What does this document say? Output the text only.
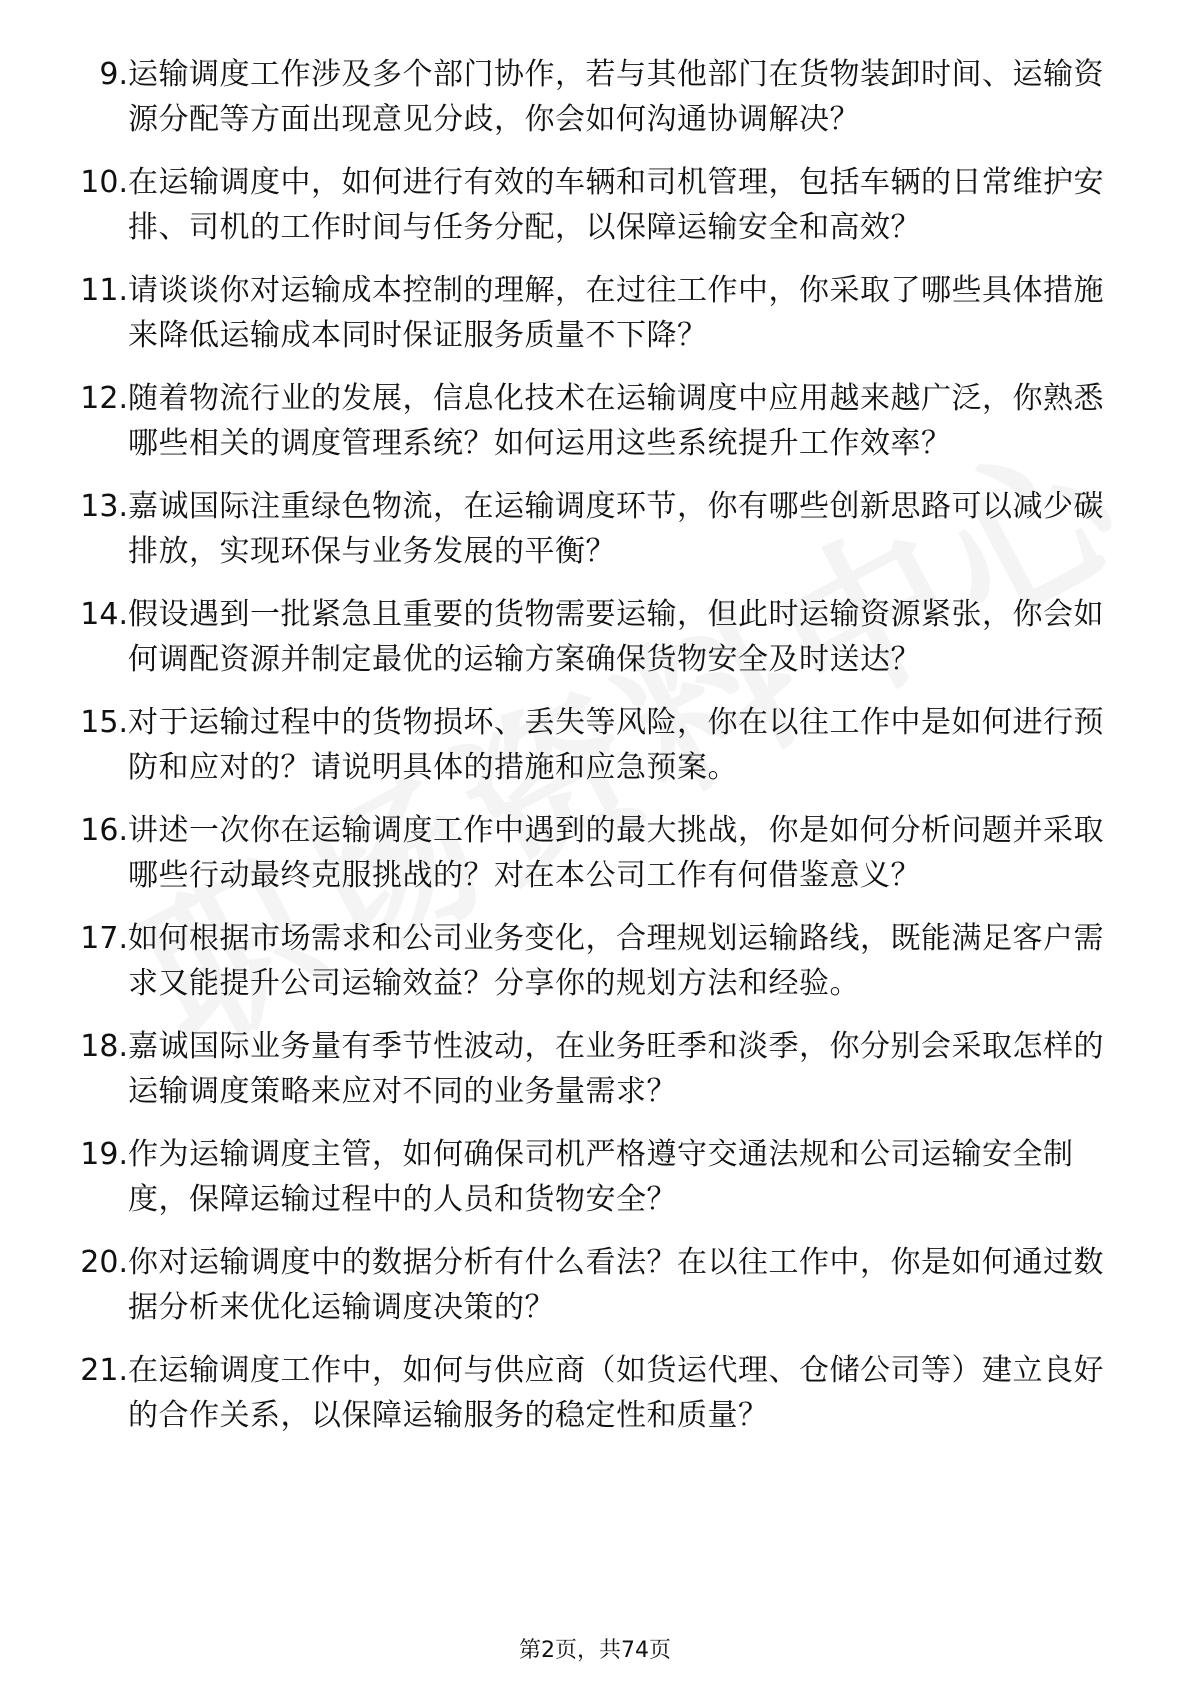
9. 运输调度工作涉及多个部门协作，若与其他部门在货物装卸时间、运输资源分配等方面出现意见分歧，你会如何沟通协调解决？
10. 在运输调度中，如何进行有效的车辆和司机管理，包括车辆的日常维护安排、司机的工作时间与任务分配，以保障运输安全和高效？
11. 请谈谈你对运输成本控制的理解，在过往工作中，你采取了哪些具体措施来降低运输成本同时保证服务质量不下降？
12. 随着物流行业的发展，信息化技术在运输调度中应用越来越广泛，你熟悉哪些相关的调度管理系统？如何运用这些系统提升工作效率？
13. 嘉诚国际注重绿色物流，在运输调度环节，你有哪些创新思路可以减少碳排放，实现环保与业务发展的平衡？
14. 假设遇到一批紧急且重要的货物需要运输，但此时运输资源紧张，你会如何调配资源并制定最优的运输方案确保货物安全及时送达？
15. 对于运输过程中的货物损坏、丢失等风险，你在以往工作中是如何进行预防和应对的？请说明具体的措施和应急预案。
16. 讲述一次你在运输调度工作中遇到的最大挑战，你是如何分析问题并采取哪些行动最终克服挑战的？对在本公司工作有何借鉴意义？
17. 如何根据市场需求和公司业务变化，合理规划运输路线，既能满足客户需求又能提升公司运输效益？分享你的规划方法和经验。
18. 嘉诚国际业务量有季节性波动，在业务旺季和淡季，你分别会采取怎样的运输调度策略来应对不同的业务量需求？
19. 作为运输调度主管，如何确保司机严格遵守交通法规和公司运输安全制度，保障运输过程中的人员和货物安全？
20. 你对运输调度中的数据分析有什么看法？在以往工作中，你是如何通过数据分析来优化运输调度决策的？
21. 在运输调度工作中，如何与供应商（如货运代理、仓储公司等）建立良好的合作关系，以保障运输服务的稳定性和质量？
第2页，共74页
